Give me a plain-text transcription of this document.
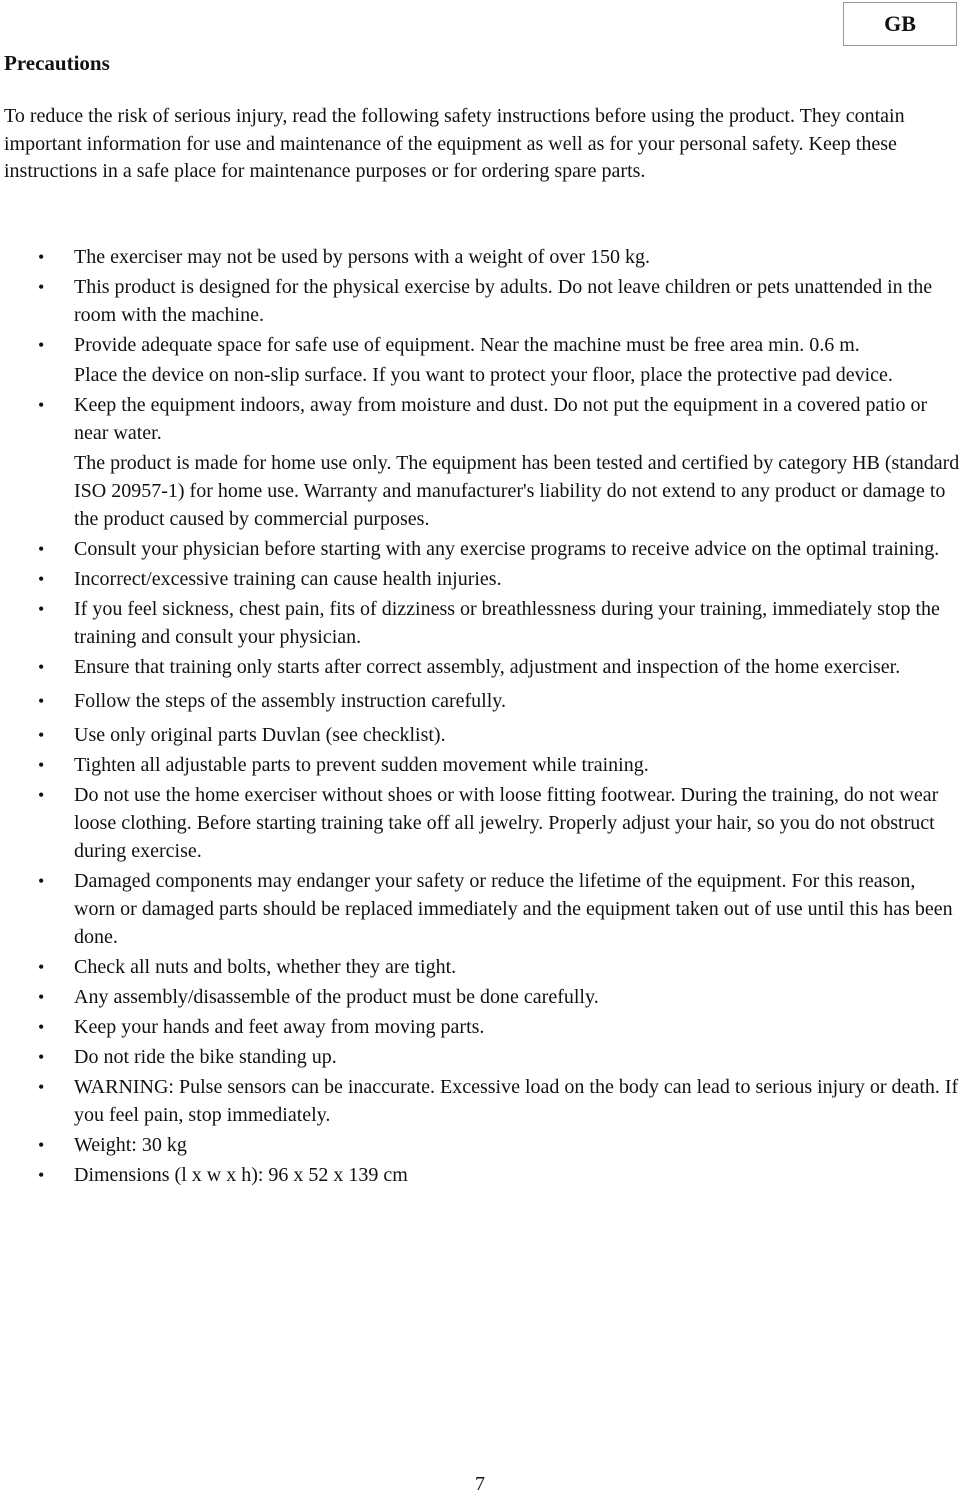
GB
Precautions

To reduce the risk of serious injury, read the following safety instructions before using the product. They contain important information for use and maintenance of the equipment as well as for your personal safety. Keep these instructions in a safe place for maintenance purposes or for ordering spare parts.

• The exerciser may not be used by persons with a weight of over 150 kg.
• This product is designed for the physical exercise by adults. Do not leave children or pets unattended in the room with the machine.
• Provide adequate space for safe use of equipment. Near the machine must be free area min. 0.6 m.
Place the device on non-slip surface. If you want to protect your floor, place the protective pad device.
• Keep the equipment indoors, away from moisture and dust. Do not put the equipment in a covered patio or near water.
The product is made for home use only. The equipment has been tested and certified by category HB (standard ISO 20957-1) for home use. Warranty and manufacturer's liability do not extend to any product or damage to the product caused by commercial purposes.
• Consult your physician before starting with any exercise programs to receive advice on the optimal training.
• Incorrect/excessive training can cause health injuries.
• If you feel sickness, chest pain, fits of dizziness or breathlessness during your training, immediately stop the training and consult your physician.
• Ensure that training only starts after correct assembly, adjustment and inspection of the home exerciser.
• Follow the steps of the assembly instruction carefully.
• Use only original parts Duvlan (see checklist).
• Tighten all adjustable parts to prevent sudden movement while training.
• Do not use the home exerciser without shoes or with loose fitting footwear. During the training, do not wear loose clothing. Before starting training take off all jewelry. Properly adjust your hair, so you do not obstruct during exercise.
• Damaged components may endanger your safety or reduce the lifetime of the equipment. For this reason, worn or damaged parts should be replaced immediately and the equipment taken out of use until this has been done.
• Check all nuts and bolts, whether they are tight.
• Any assembly/disassemble of the product must be done carefully.
• Keep your hands and feet away from moving parts.
• Do not ride the bike standing up.
• WARNING: Pulse sensors can be inaccurate. Excessive load on the body can lead to serious injury or death. If you feel pain, stop immediately.
• Weight: 30 kg
• Dimensions (l x w x h): 96 x 52 x 139 cm
7
